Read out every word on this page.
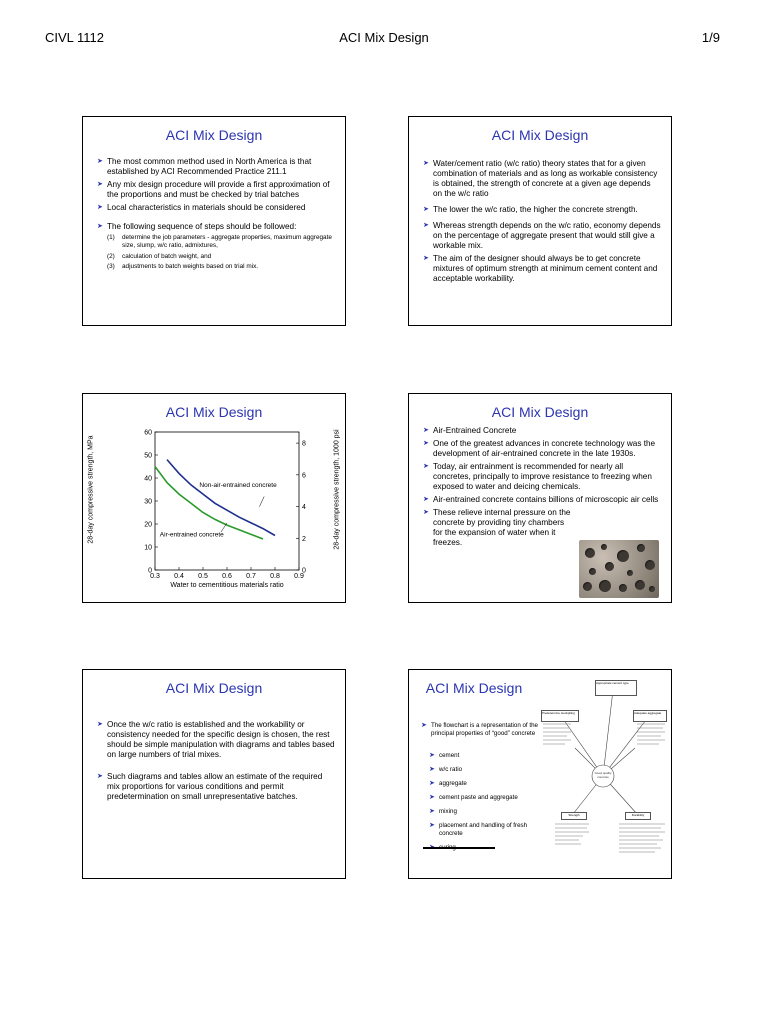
CIVL 1112	ACI Mix Design	1/9
ACI Mix Design
➤ The most common method used in North America is that established by ACI Recommended Practice 211.1
➤ Any mix design procedure will provide a first approximation of the proportions and must be checked by trial batches
➤ Local characteristics in materials should be considered
➤ The following sequence of steps should be followed:
(1) determine the job parameters - aggregate properties, maximum aggregate size, slump, w/c ratio, admixtures,
(2) calculation of batch weight, and
(3) adjustments to batch weights based on trial mix.
ACI Mix Design
➤ Water/cement ratio (w/c ratio) theory states that for a given combination of materials and as long as workable consistency is obtained, the strength of concrete at a given age depends on the w/c ratio
➤ The lower the w/c ratio, the higher the concrete strength.
➤ Whereas strength depends on the w/c ratio, economy depends on the percentage of aggregate present that would still give a workable mix.
➤ The aim of the designer should always be to get concrete mixtures of optimum strength at minimum cement content and acceptable workability.
ACI Mix Design
0.3 0.4 0.5 0.6 0.7 0.8 0.9
0
10
20
30
40
50
60
0
2
4
6
8
Non-air-entrained concrete
Air-entrained concrete
Water to cementitious materials ratio
28-day compressive strength, MPa	28-day compressive strength, 1000 psi
ACI Mix Design
➤ Air-Entrained Concrete
➤ One of the greatest advances in concrete technology was the development of air-entrained concrete in the late 1930s.
➤ Today, air entrainment is recommended for nearly all concretes, principally to improve resistance to freezing when exposed to water and deicing chemicals.
➤ Air-entrained concrete contains billions of microscopic air cells
➤ These relieve internal pressure on the concrete by providing tiny chambers for the expansion of water when it freezes.
ACI Mix Design
➤ Once the w/c ratio is established and the workability or consistency needed for the specific design is chosen, the rest should be simple manipulation with diagrams and tables based on large numbers of trial mixes.
➤ Such diagrams and tables allow an estimate of the required mix proportions for various conditions and permit predetermination on small unrepresentative batches.
ACI Mix Design
➤ The flowchart is a representation of the principal properties of “good” concrete
➤ cement
➤ w/c ratio
➤ aggregate
➤ cement paste and aggregate
➤ mixing
➤ placement and handling of fresh concrete
➤
Appropriate cement type
Predetermine stockpiling	Adequate aggregate
Good quality concrete
Strength	Durability
